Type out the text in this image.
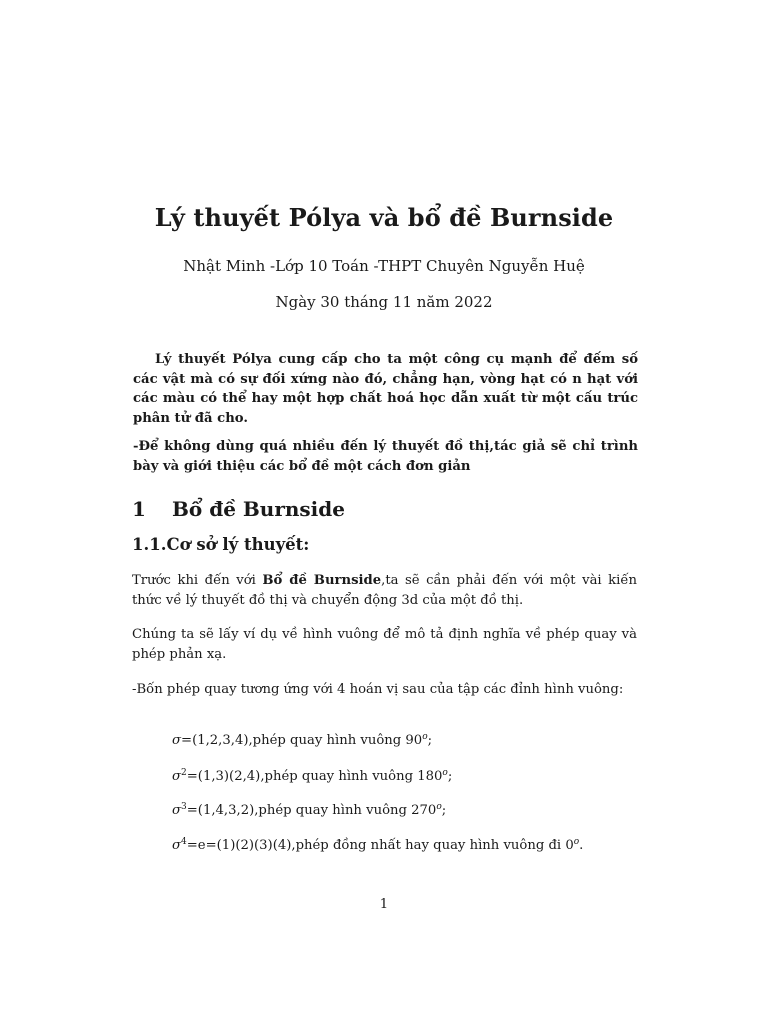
Lý thuyết Pólya và bổ đề Burnside
Nhật Minh -Lớp 10 Toán -THPT Chuyên Nguyễn Huệ
Ngày 30 tháng 11 năm 2022

Lý thuyết Pólya cung cấp cho ta một công cụ mạnh để đếm số các vật mà có sự đối xứng nào đó, chẳng hạn, vòng hạt có n hạt với các màu có thể hay một hợp chất hoá học dẫn xuất từ một cấu trúc phân tử đã cho.

-Để không dùng quá nhiều đến lý thuyết đồ thị,tác giả sẽ chỉ trình bày và giới thiệu các bổ đề một cách đơn giản

1 Bổ đề Burnside
1.1.Cơ sở lý thuyết:

Trước khi đến với Bổ đề Burnside,ta sẽ cần phải đến với một vài kiến thức về lý thuyết đồ thị và chuyển động 3d của một đồ thị.

Chúng ta sẽ lấy ví dụ về hình vuông để mô tả định nghĩa về phép quay và phép phản xạ.

-Bốn phép quay tương ứng với 4 hoán vị sau của tập các đỉnh hình vuông:

σ=(1,2,3,4),phép quay hình vuông 90$^o$;
$\sigma^2=(1,3)(2,4),phép$ quay hình vuông 180$^o$;
$\sigma^3=(1,4,3,2),phép$ quay hình vuông 270$^o$;
$\sigma^4=e=(1)(2)(3)(4),phép$ đồng nhất hay quay hình vuông đi 0$^o$.
1
